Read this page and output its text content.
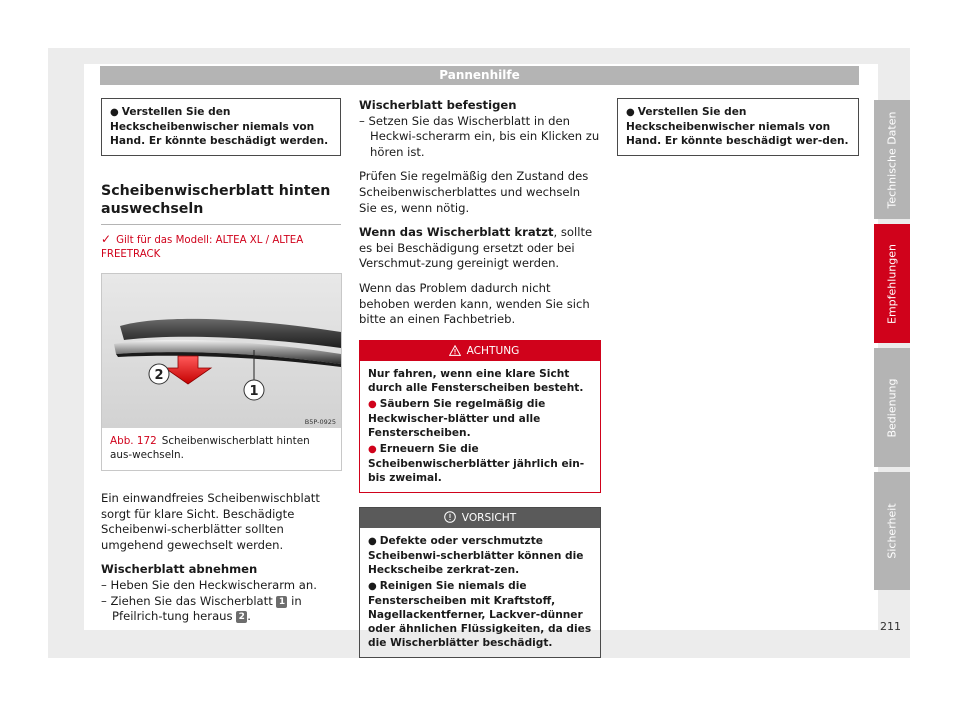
Pannenhilfe
● Verstellen Sie den Heckscheibenwischer niemals von Hand. Er könnte beschädigt werden.
Scheibenwischerblatt hinten auswechseln
✓ Gilt für das Modell: ALTEA XL / ALTEA FREETRACK
1
2
B5P-0925
Abb. 172 Scheibenwischerblatt hinten aus-wechseln.

Ein einwandfreies Scheibenwischblatt sorgt für klare Sicht. Beschädigte Scheibenwi-scherblätter sollten umgehend gewechselt werden.

Wischerblatt abnehmen

– Heben Sie den Heckwischerarm an.

– Ziehen Sie das Wischerblatt 1 in Pfeilrich-tung heraus 2 .

Wischerblatt befestigen

– Setzen Sie das Wischerblatt in den Heckwi-scherarm ein, bis ein Klicken zu hören ist.

Prüfen Sie regelmäßig den Zustand des Scheibenwischerblattes und wechseln Sie es, wenn nötig.

Wenn das Wischerblatt kratzt, sollte es bei Beschädigung ersetzt oder bei Verschmut-zung gereinigt werden.

Wenn das Problem dadurch nicht behoben werden kann, wenden Sie sich bitte an einen Fachbetrieb.

ACHTUNG
Nur fahren, wenn eine klare Sicht durch alle Fensterscheiben besteht.
● Säubern Sie regelmäßig die Heckwischer-blätter und alle Fensterscheiben.
● Erneuern Sie die Scheibenwischerblätter jährlich ein- bis zweimal.
VORSICHT
● Defekte oder verschmutzte Scheibenwi-scherblätter können die Heckscheibe zerkrat-zen.
● Reinigen Sie niemals die Fensterscheiben mit Kraftstoff, Nagellackentferner, Lackver-dünner oder ähnlichen Flüssigkeiten, da dies die Wischerblätter beschädigt.
● Verstellen Sie den Heckscheibenwischer niemals von Hand. Er könnte beschädigt wer-den.	Technische Daten
Empfehlungen
Bedienung
Sicherheit
211
